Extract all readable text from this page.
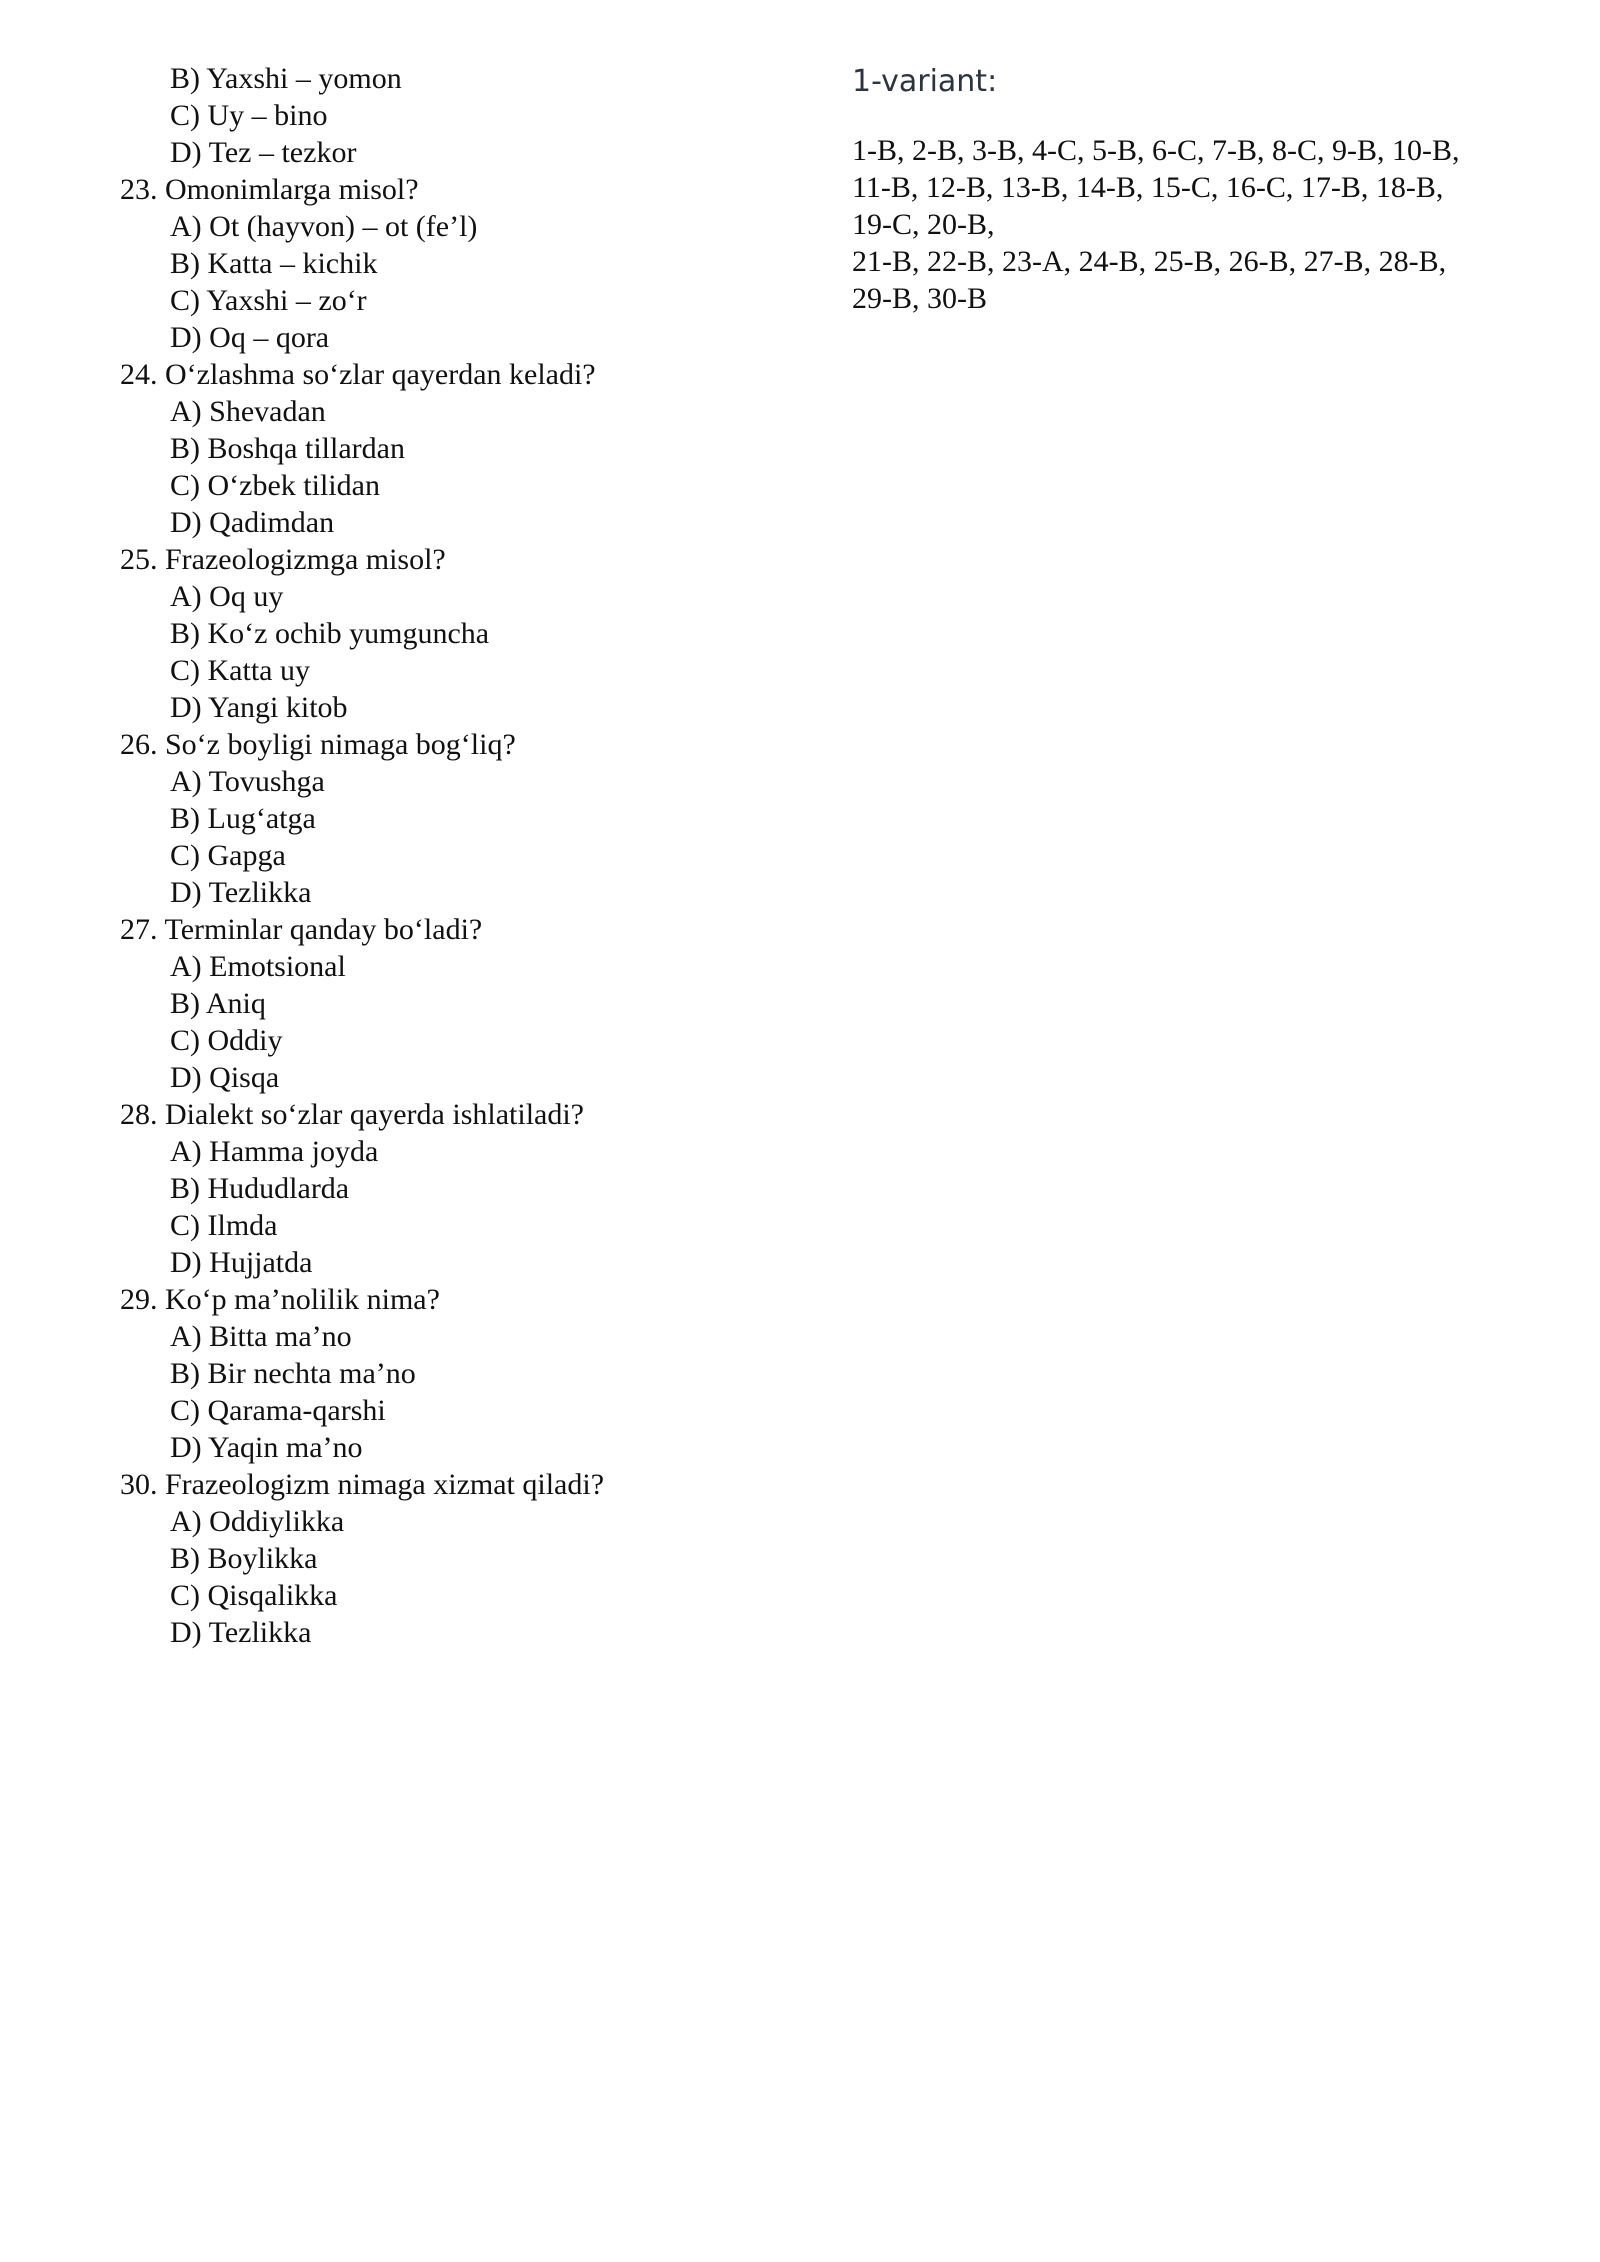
B) Yaxshi – yomon
C) Uy – bino
D) Tez – tezkor
23. Omonimlarga misol?
A) Ot (hayvon) – ot (fe’l)
B) Katta – kichik
C) Yaxshi – zo‘r
D) Oq – qora
24. O‘zlashma so‘zlar qayerdan keladi?
A) Shevadan
B) Boshqa tillardan
C) O‘zbek tilidan
D) Qadimdan
25. Frazeologizmga misol?
A) Oq uy
B) Ko‘z ochib yumguncha
C) Katta uy
D) Yangi kitob
26. So‘z boyligi nimaga bog‘liq?
A) Tovushga
B) Lug‘atga
C) Gapga
D) Tezlikka
27. Terminlar qanday bo‘ladi?
A) Emotsional
B) Aniq
C) Oddiy
D) Qisqa
28. Dialekt so‘zlar qayerda ishlatiladi?
A) Hamma joyda
B) Hududlarda
C) Ilmda
D) Hujjatda
29. Ko‘p ma’nolilik nima?
A) Bitta ma’no
B) Bir nechta ma’no
C) Qarama-qarshi
D) Yaqin ma’no
30. Frazeologizm nimaga xizmat qiladi?
A) Oddiylikka
B) Boylikka
C) Qisqalikka
D) Tezlikka
1-variant:
1-B, 2-B, 3-B, 4-C, 5-B, 6-C, 7-B, 8-C, 9-B, 10-B,
11-B, 12-B, 13-B, 14-B, 15-C, 16-C, 17-B, 18-B,
19-C, 20-B,
21-B, 22-B, 23-A, 24-B, 25-B, 26-B, 27-B, 28-B,
29-B, 30-B
